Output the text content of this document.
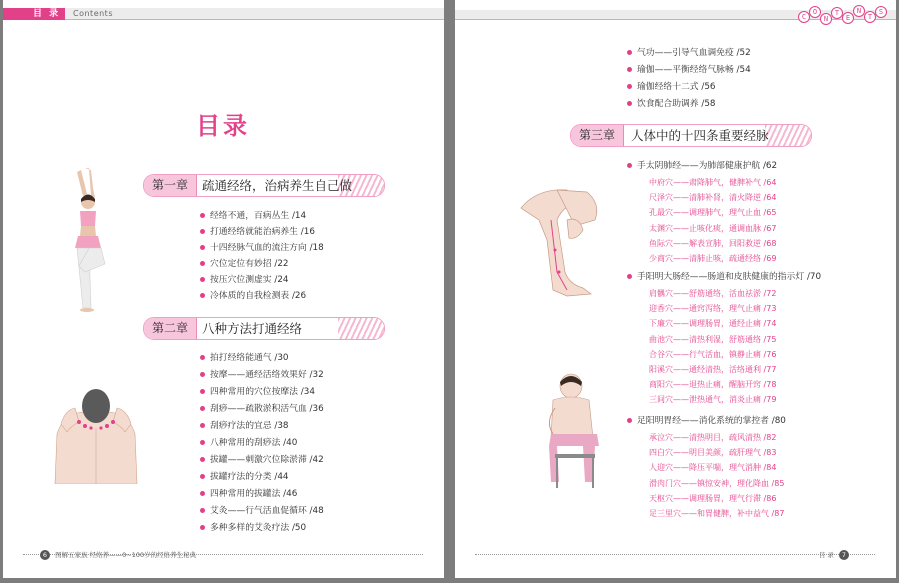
目 录	Contents
目录
第一章	疏通经络，治病养生自己做
经络不通，百病丛生 /14
打通经络就能治病养生 /16
十四经脉气血的流注方向 /18
穴位定位有妙招 /22
按压穴位测虚实 /24
冷体质的自我检测表 /26
第二章	八种方法打通经络
拍打经络能通气 /30
按摩——通经活络效果好 /32
四种常用的穴位按摩法 /34
刮痧——疏散淤积活气血 /36
刮痧疗法的宜忌 /38
八种常用的刮痧法 /40
拔罐——刺激穴位除淤滞 /42
拔罐疗法的分类 /44
四种常用的拔罐法 /46
艾灸——行气活血促循环 /48
多种多样的艾灸疗法 /50
6 图解五家族 经络养——0~100岁的经络养生秘典
C
O
N
T
E
N
T
S
气功——引导气血调免疫 /52
瑜伽——平衡经络气脉畅 /54
瑜伽经络十二式 /56
饮食配合助调养 /58
第三章	人体中的十四条重要经脉
手太阴肺经——为肺部健康护航 /62
中府穴——肃降肺气，健脾补气 /64
尺泽穴——清肺补肾，清火降逆 /64
孔最穴——调理肺气，理气止血 /65
太渊穴——止咳化痰，通调血脉 /67
鱼际穴——解表宣肺，回阳救逆 /68
少商穴——清肺止咳，疏通经络 /69
手阳明大肠经——肠道和皮肤健康的指示灯 /70
肩髃穴——舒筋通络，活血祛淤 /72
迎香穴——通窍泻络，理气止痛 /73
下廉穴——调理肠胃，通经止痛 /74
曲池穴——清热利湿，舒筋通络 /75
合谷穴——行气活血，镇静止痛 /76
阳溪穴——通经清热，活络通利 /77
商阳穴——退热止痛，醒脑开窍 /78
三间穴——泄热通气，消炎止痛 /79
足阳明胃经——消化系统的掌控者 /80
承泣穴——清热明目，疏风清热 /82
四白穴——明目美颜，疏肝理气 /83
人迎穴——降压平喘，理气消肿 /84
滑肉门穴——镇惊安神，理化降血 /85
天枢穴——调理肠胃，理气行滞 /86
足三里穴——和胃健脾，补中益气 /87
目 录 7
